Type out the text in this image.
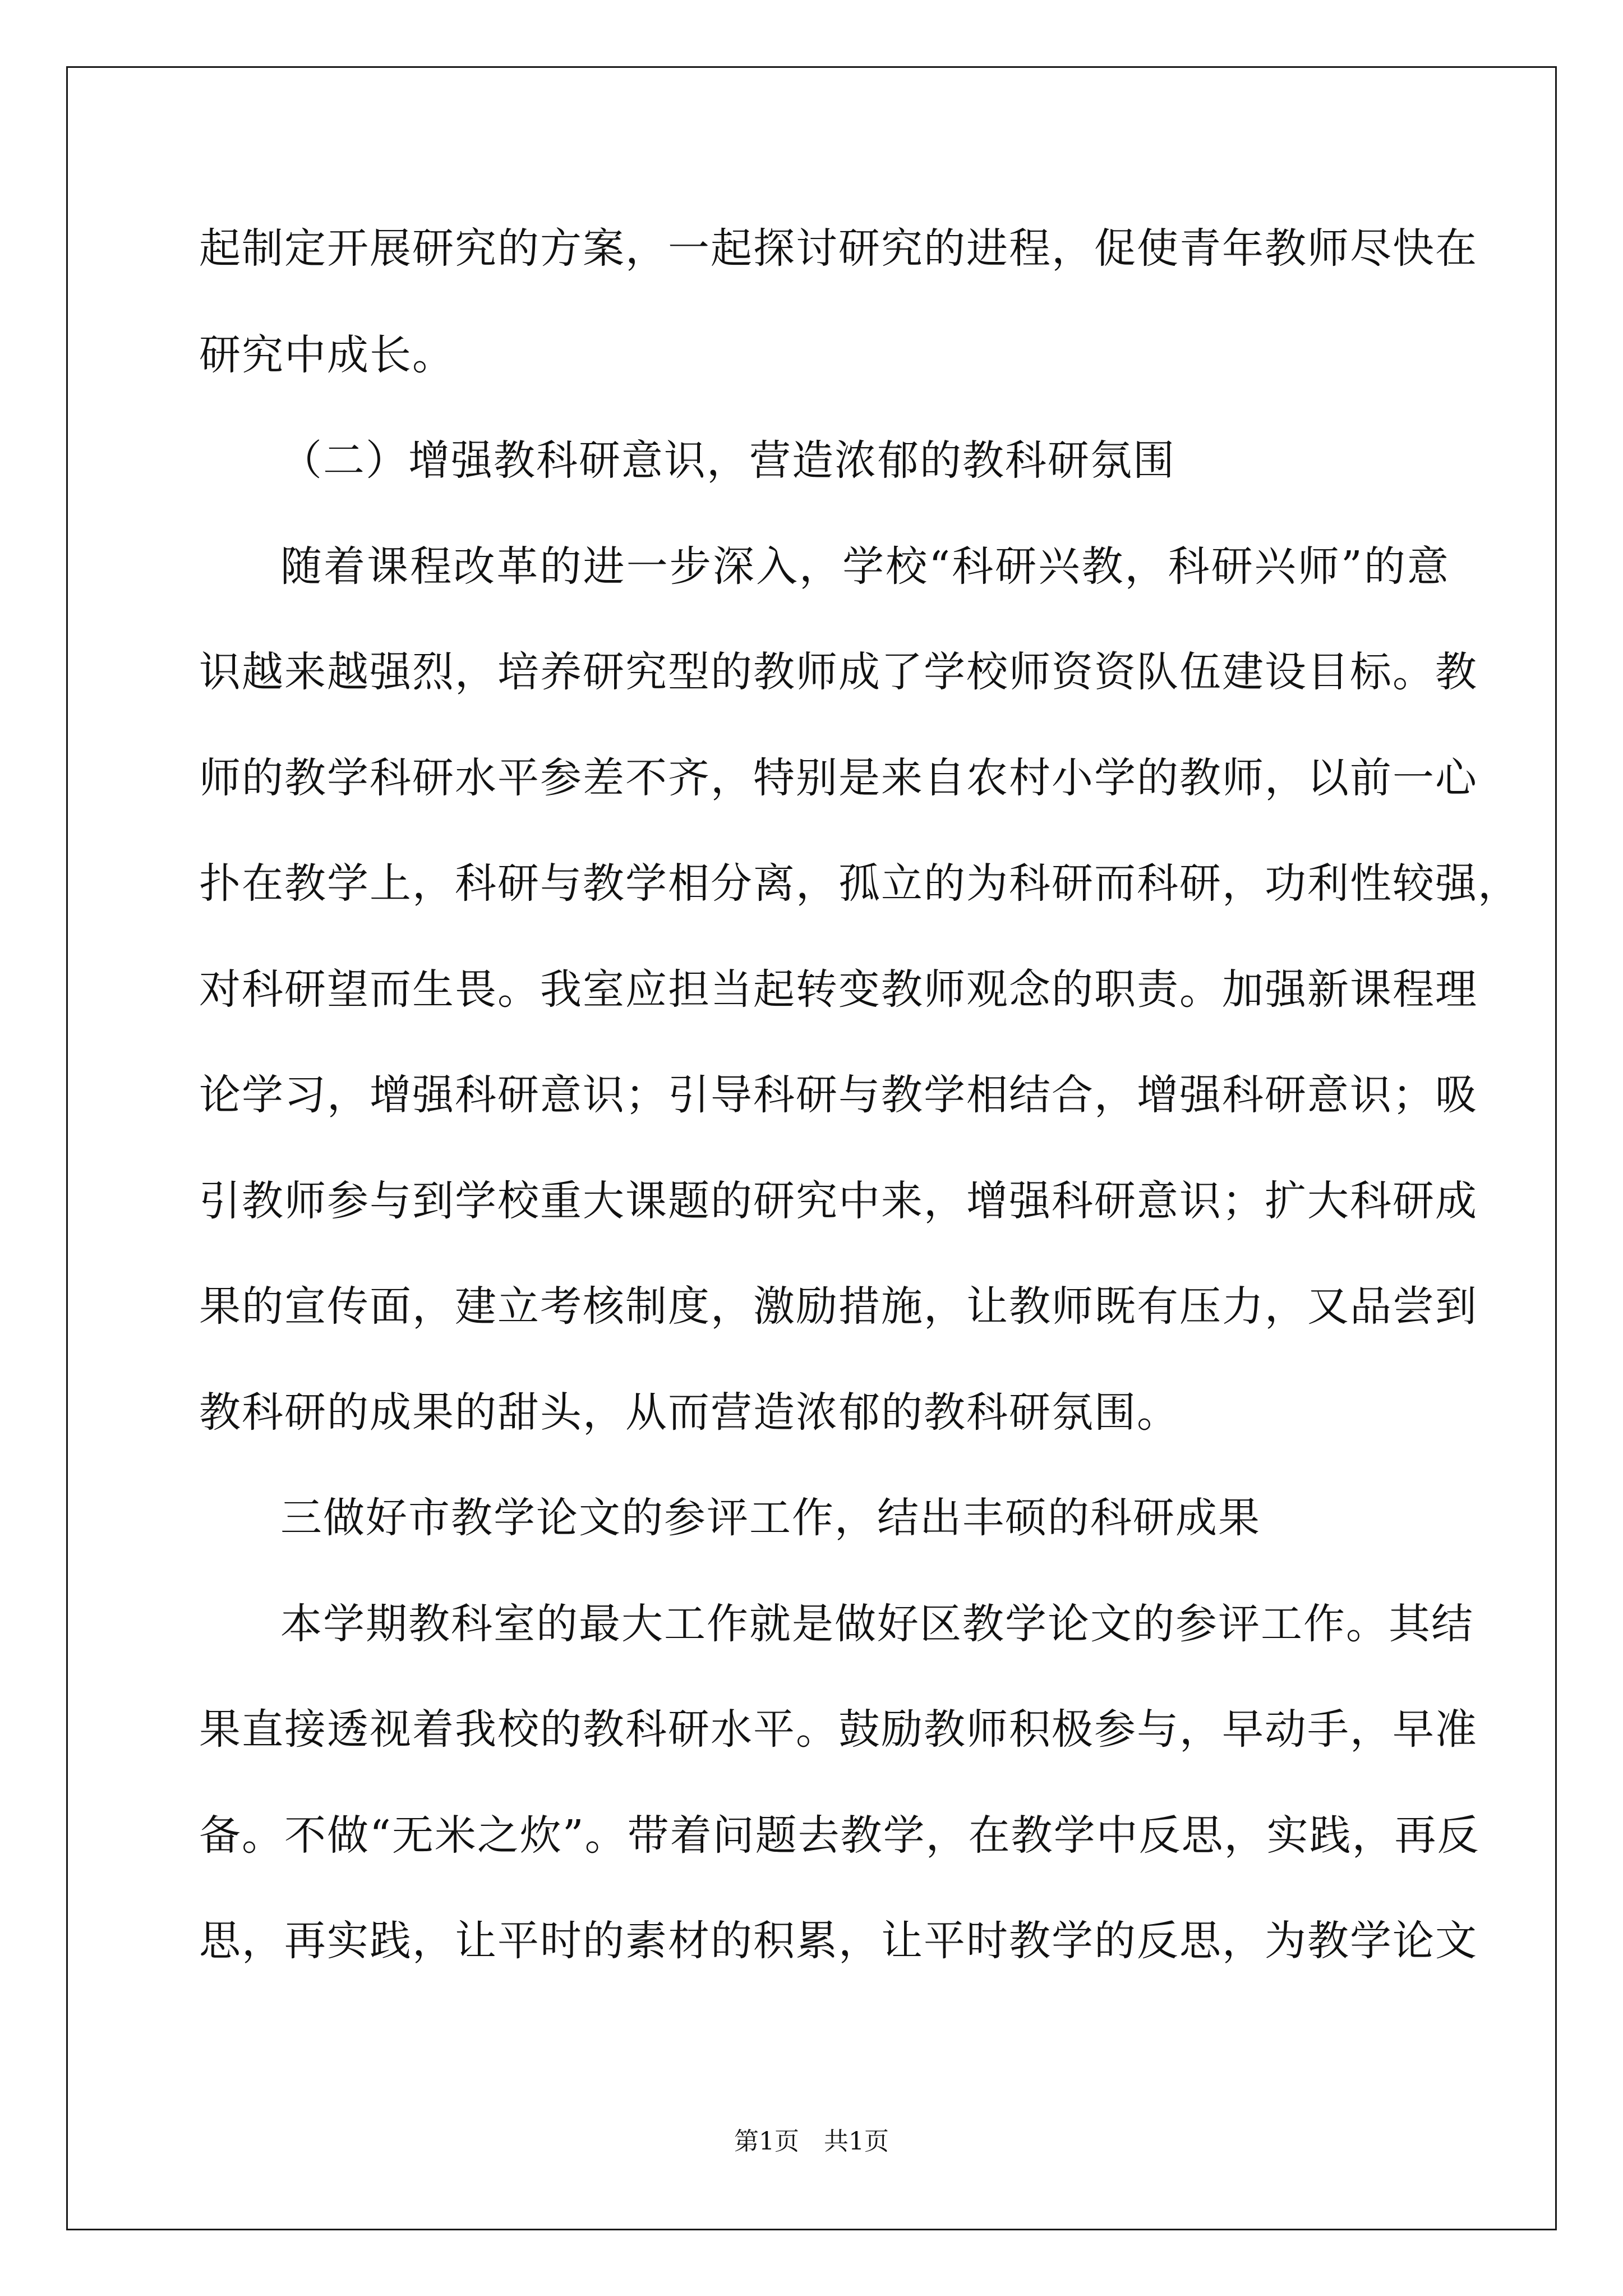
起制定开展研究的方案，一起探讨研究的进程，促使青年教师尽快在
研究中成长。
（二）增强教科研意识，营造浓郁的教科研氛围
随着课程改革的进一步深入，学校“科研兴教，科研兴师”的意
识越来越强烈，培养研究型的教师成了学校师资资队伍建设目标。教
师的教学科研水平参差不齐，特别是来自农村小学的教师，以前一心
扑在教学上，科研与教学相分离，孤立的为科研而科研，功利性较强，
对科研望而生畏。我室应担当起转变教师观念的职责。加强新课程理
论学习，增强科研意识；引导科研与教学相结合，增强科研意识；吸
引教师参与到学校重大课题的研究中来，增强科研意识；扩大科研成
果的宣传面，建立考核制度，激励措施，让教师既有压力，又品尝到
教科研的成果的甜头，从而营造浓郁的教科研氛围。
三做好市教学论文的参评工作，结出丰硕的科研成果
本学期教科室的最大工作就是做好区教学论文的参评工作。其结
果直接透视着我校的教科研水平。鼓励教师积极参与，早动手，早准
备。不做“无米之炊”。带着问题去教学，在教学中反思，实践，再反
思，再实践，让平时的素材的积累，让平时教学的反思，为教学论文
第1页　共1页
